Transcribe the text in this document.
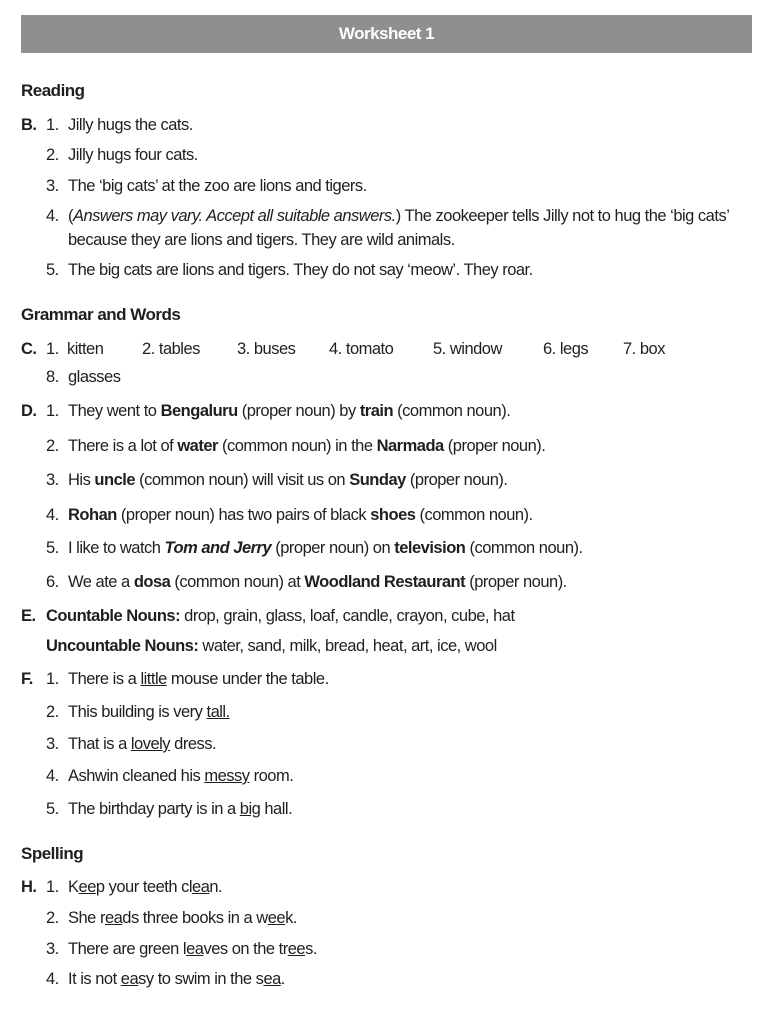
Worksheet 1
Reading
B. 1. Jilly hugs the cats.
2. Jilly hugs four cats.
3. The ‘big cats’ at the zoo are lions and tigers.
4. (Answers may vary. Accept all suitable answers.) The zookeeper tells Jilly not to hug the ‘big cats’
because they are lions and tigers. They are wild animals.
5. The big cats are lions and tigers. They do not say ‘meow’. They roar.
Grammar and Words
C. 1. kitten 2. tables 3. buses 4. tomato 5. window 6. legs 7. box
8. glasses
D. 1. They went to Bengaluru (proper noun) by train (common noun).
2. There is a lot of water (common noun) in the Narmada (proper noun).
3. His uncle (common noun) will visit us on Sunday (proper noun).
4. Rohan (proper noun) has two pairs of black shoes (common noun).
5. I like to watch Tom and Jerry (proper noun) on television (common noun).
6. We ate a dosa (common noun) at Woodland Restaurant (proper noun).
E. Countable Nouns: drop, grain, glass, loaf, candle, crayon, cube, hat
Uncountable Nouns: water, sand, milk, bread, heat, art, ice, wool
F. 1. There is a little mouse under the table.
2. This building is very tall.
3. That is a lovely dress.
4. Ashwin cleaned his messy room.
5. The birthday party is in a big hall.
Spelling
H. 1. Keep your teeth clean.
2. She reads three books in a week.
3. There are green leaves on the trees.
4. It is not easy to swim in the sea.
